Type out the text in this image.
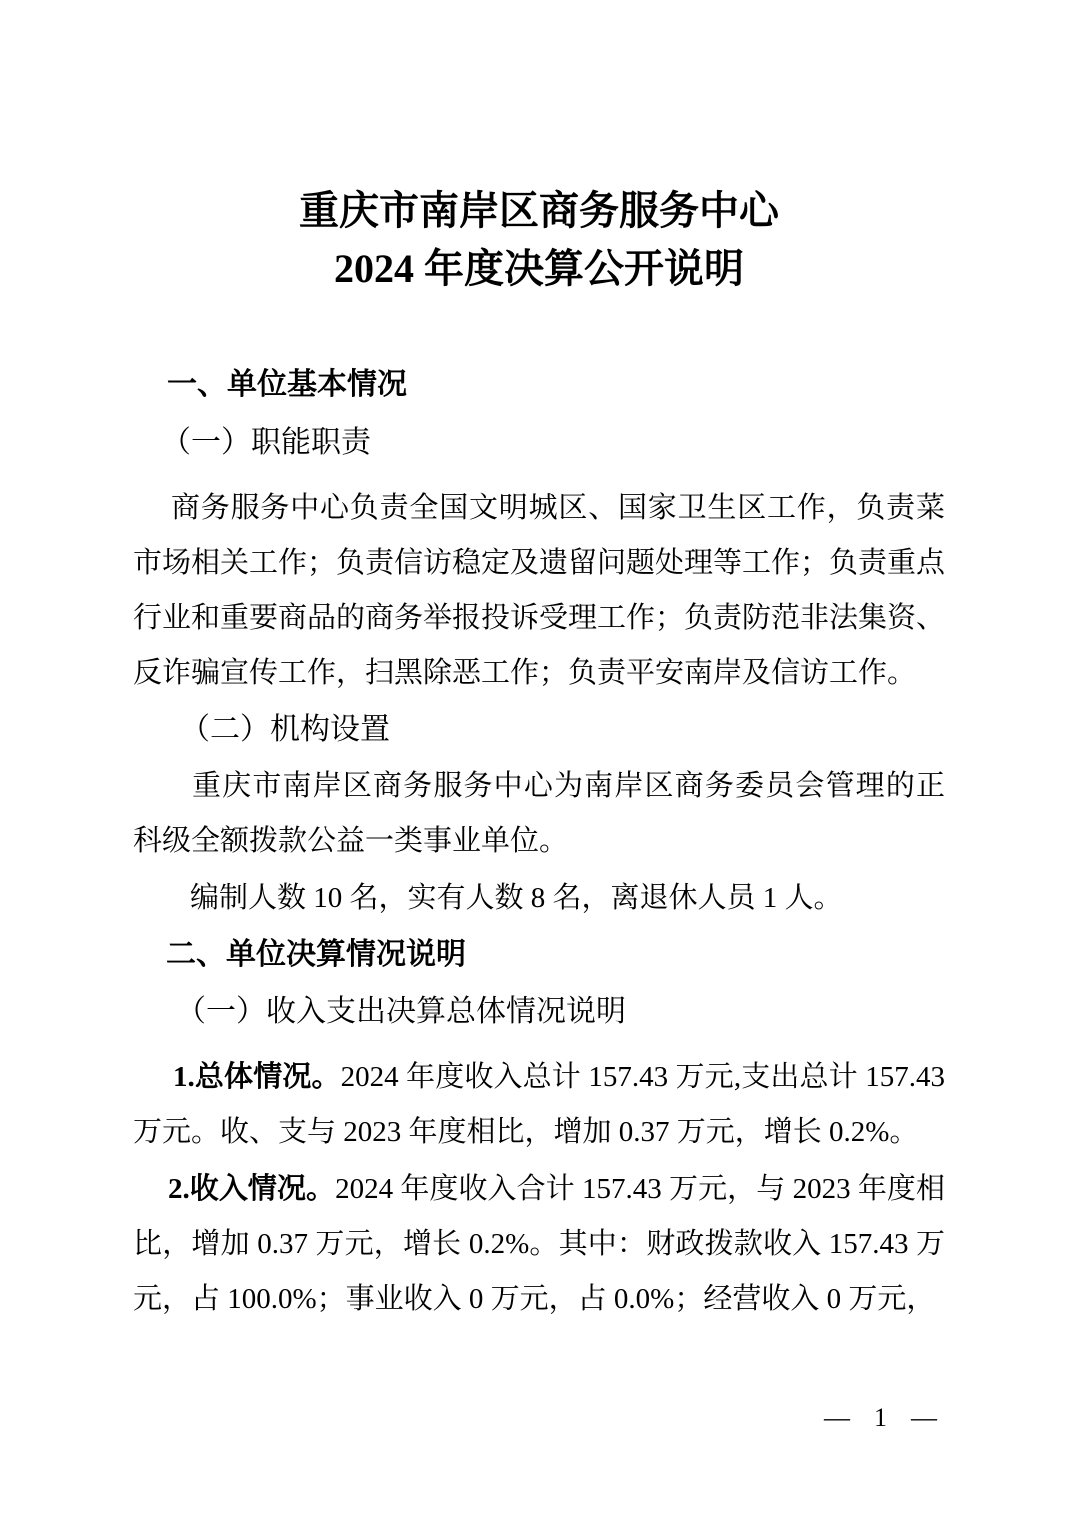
重庆市南岸区商务服务中心
2024 年度决算公开说明
一、单位基本情况
（一）职能职责
商务服务中心负责全国文明城区、国家卫生区工作，负责菜市场相关工作；负责信访稳定及遗留问题处理等工作；负责重点行业和重要商品的商务举报投诉受理工作；负责防范非法集资、反诈骗宣传工作，扫黑除恶工作；负责平安南岸及信访工作。
（二）机构设置
重庆市南岸区商务服务中心为南岸区商务委员会管理的正科级全额拨款公益一类事业单位。
编制人数 10 名，实有人数 8 名，离退休人员 1 人。
二、单位决算情况说明
（一）收入支出决算总体情况说明
1.总体情况。2024 年度收入总计 157.43 万元,支出总计 157.43 万元。收、支与 2023 年度相比，增加 0.37 万元，增长 0.2%。
2.收入情况。2024 年度收入合计 157.43 万元，与 2023 年度相比，增加 0.37 万元，增长 0.2%。其中：财政拨款收入 157.43 万元，占 100.0%；事业收入 0 万元，占 0.0%；经营收入 0 万元，
— 1 —
